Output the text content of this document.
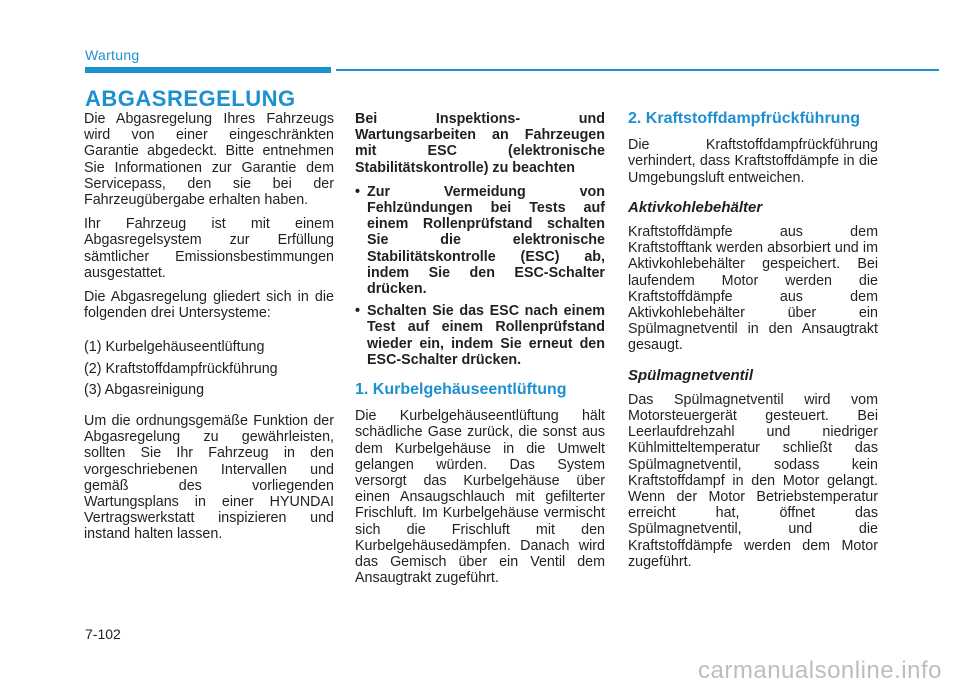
Wartung
ABGASREGELUNG

Die Abgasregelung Ihres Fahrzeugs wird von einer eingeschränkten Garantie abgedeckt. Bitte entnehmen Sie Informationen zur Garantie dem Servicepass, den sie bei der Fahrzeugübergabe erhalten haben.

Ihr Fahrzeug ist mit einem Abgasregelsystem zur Erfüllung sämtlicher Emissionsbestimmungen ausgestattet.

Die Abgasregelung gliedert sich in die folgenden drei Untersysteme:

(1) Kurbelgehäuseentlüftung
(2) Kraftstoffdampfrückführung
(3) Abgasreinigung

Um die ordnungsgemäße Funktion der Abgasregelung zu gewährleisten, sollten Sie Ihr Fahrzeug in den vorgeschriebenen Intervallen und gemäß des vorliegenden Wartungsplans in einer HYUNDAI Vertragswerkstatt inspizieren und instand halten lassen.

Bei Inspektions- und Wartungsarbeiten an Fahrzeugen mit ESC (elektronische Stabilitätskontrolle) zu beachten

• Zur Vermeidung von Fehlzündungen bei Tests auf einem Rollenprüfstand schalten Sie die elektronische Stabilitätskontrolle (ESC) ab, indem Sie den ESC-Schalter drücken.
• Schalten Sie das ESC nach einem Test auf einem Rollenprüfstand wieder ein, indem Sie erneut den ESC-Schalter drücken.
1. Kurbelgehäuseentlüftung

Die Kurbelgehäuseentlüftung hält schädliche Gase zurück, die sonst aus dem Kurbelgehäuse in die Umwelt gelangen würden. Das System versorgt das Kurbelgehäuse über einen Ansaugschlauch mit gefilterter Frischluft. Im Kurbelgehäuse vermischt sich die Frischluft mit den Kurbelgehäusedämpfen. Danach wird das Gemisch über ein Ventil dem Ansaugtrakt zugeführt.

2. Kraftstoffdampfrückführung

Die Kraftstoffdampfrückführung verhindert, dass Kraftstoffdämpfe in die Umgebungsluft entweichen.

Aktivkohlebehälter

Kraftstoffdämpfe aus dem Kraftstofftank werden absorbiert und im Aktivkohlebehälter gespeichert. Bei laufendem Motor werden die Kraftstoffdämpfe aus dem Aktivkohlebehälter über ein Spülmagnetventil in den Ansaugtrakt gesaugt.

Spülmagnetventil

Das Spülmagnetventil wird vom Motorsteuergerät gesteuert. Bei Leerlaufdrehzahl und niedriger Kühlmitteltemperatur schließt das Spülmagnetventil, sodass kein Kraftstoffdampf in den Motor gelangt. Wenn der Motor Betriebstemperatur erreicht hat, öffnet das Spülmagnetventil, und die Kraftstoffdämpfe werden dem Motor zugeführt.

7-102
carmanualsonline.info
